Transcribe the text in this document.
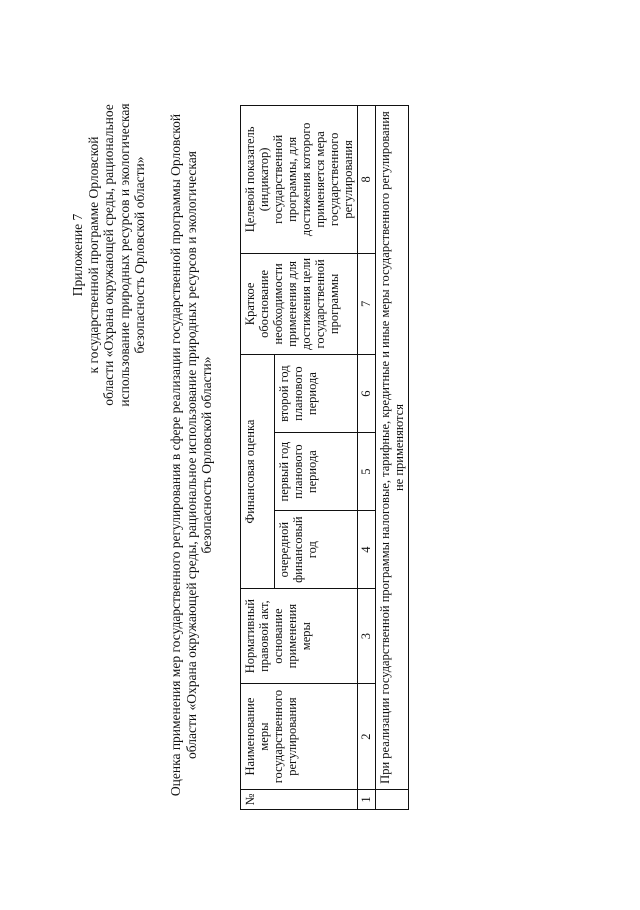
Приложение 7 к государственной программе Орловской области «Охрана окружающей среды, рациональное использование природных ресурсов и экологическая безопасность Орловской области» Оценка применения мер государственного регулирования в сфере реализации государственной программы Орловской области «Охрана окружающей среды, рациональное использование природных ресурсов и экологическая безопасность Орловской области»
№	Наименование меры государственного регулирования	Нормативный правовой акт, основание применения меры	Финансовая оценка			Краткое обоснование необходимости применения для достижения цели государственной программы	Целевой показатель (индикатор) государственной программы, для достижения которого применяется мера государственного регулирования
			очередной финансовый год	первый год планового периода	второй год планового периода		
1	2	3	4	5	6	7	8
	При реализации государственной программы налоговые, тарифные, кредитные и иные меры государственного регулирования не применяются						
